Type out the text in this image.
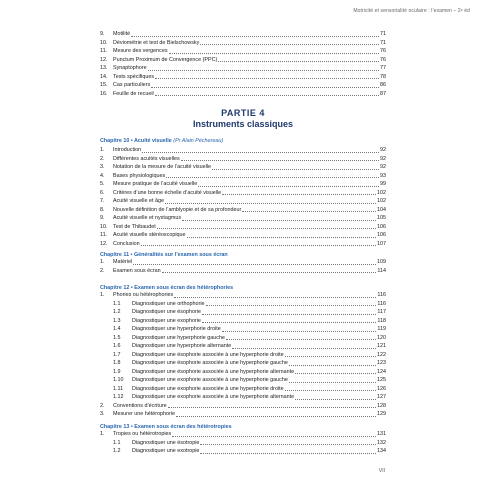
Motricité et sensorialité oculaire : l’examen – 2ᵉ éd
9.	Motilité	71
10.	Déviométrie et test de Bielschowsky	71
11.	Mesure des vergences	76
12.	Punctum Proximum de Convergence (PPC)	76
13.	Synaptophore	77
14.	Tests spécifiques	78
15.	Cas particuliers	86
16.	Feuille de recueil	87
PARTIE 4
Instruments classiques
Chapitre 10 • Acuité visuelle (Pr Alain Péchereau)
1.	Introduction	92
2.	Différentes acuités visuelles	92
3.	Notation de la mesure de l’acuité visuelle	92
4.	Bases physiologiques	93
5.	Mesure pratique de l’acuité visuelle	99
6.	Critères d’une bonne échelle d’acuité visuelle	102
7.	Acuité visuelle et âge	102
8.	Nouvelle définition de l’amblyopie et de sa profondeur	104
9.	Acuité visuelle et nystagmus	105
10.	Test de Thibaudet	106
11.	Acuité visuelle stéréoscopique	106
12.	Conclusion	107
Chapitre 11 • Généralités sur l’examen sous écran
1.	Matériel	109
2.	Examen sous écran	114
Chapitre 12 • Examen sous écran des hétérophories
1.	Phories ou hétérophories	116
1.1	Diagnostiquer une orthophorie	116
1.2	Diagnostiquer une ésophorie	117
1.3	Diagnostiquer une exophorie	118
1.4	Diagnostiquer une hyperphorie droite	119
1.5	Diagnostiquer une hyperphorie gauche	120
1.6	Diagnostiquer une hyperphorie alternante	121
1.7	Diagnostiquer une ésophorie associée à une hyperphorie droite	122
1.8	Diagnostiquer une ésophorie associée à une hyperphorie gauche	123
1.9	Diagnostiquer une ésophorie associée à une hyperphorie alternante	124
1.10	Diagnostiquer une exophorie associée à une hyperphorie gauche	125
1.11	Diagnostiquer une exophorie associée à une hyperphorie droite	126
1.12	Diagnostiquer une exophorie associée à une hyperphorie alternante	127
2.	Conventions d’écriture	128
3.	Mesurer une hétérophorie	129
Chapitre 13 • Examen sous écran des hétérotropies
1.	Tropies ou hétérotropies	131
1.1	Diagnostiquer une ésotropie	132
1.2	Diagnostiquer une exotropie	134
VII
